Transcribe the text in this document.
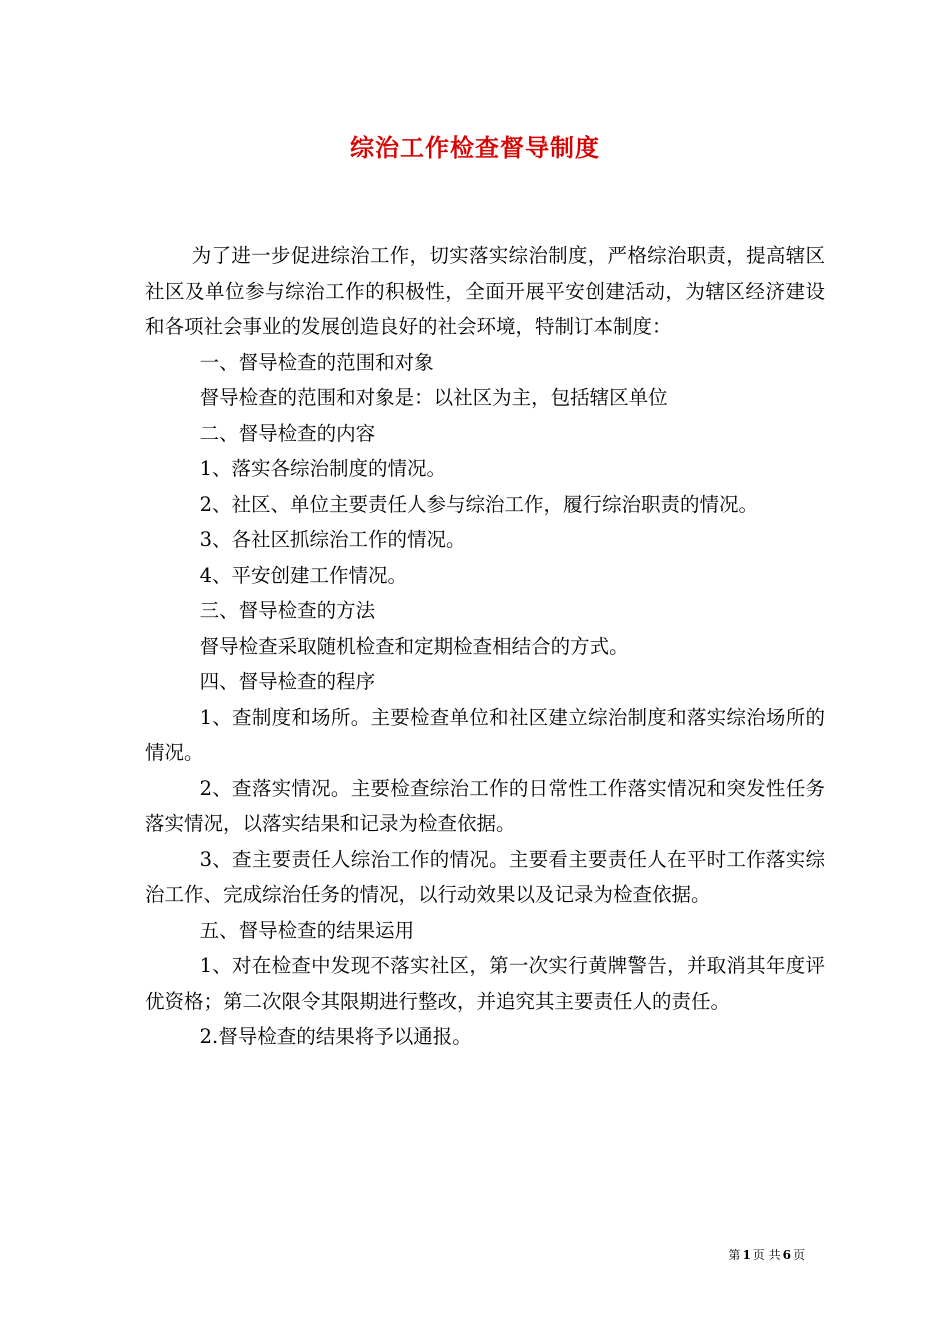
综治工作检查督导制度

为了进一步促进综治工作，切实落实综治制度，严格综治职责，提高辖区社区及单位参与综治工作的积极性，全面开展平安创建活动，为辖区经济建设和各项社会事业的发展创造良好的社会环境，特制订本制度：

一、督导检查的范围和对象

督导检查的范围和对象是：以社区为主，包括辖区单位

二、督导检查的内容

1、落实各综治制度的情况。

2、社区、单位主要责任人参与综治工作，履行综治职责的情况。

3、各社区抓综治工作的情况。

4、平安创建工作情况。

三、督导检查的方法

督导检查采取随机检查和定期检查相结合的方式。

四、督导检查的程序

1、查制度和场所。主要检查单位和社区建立综治制度和落实综治场所的情况。

2、查落实情况。主要检查综治工作的日常性工作落实情况和突发性任务落实情况，以落实结果和记录为检查依据。

3、查主要责任人综治工作的情况。主要看主要责任人在平时工作落实综治工作、完成综治任务的情况，以行动效果以及记录为检查依据。

五、督导检查的结果运用

1、对在检查中发现不落实社区，第一次实行黄牌警告，并取消其年度评优资格；第二次限令其限期进行整改，并追究其主要责任人的责任。

2.督导检查的结果将予以通报。

第 1 页 共 6 页
